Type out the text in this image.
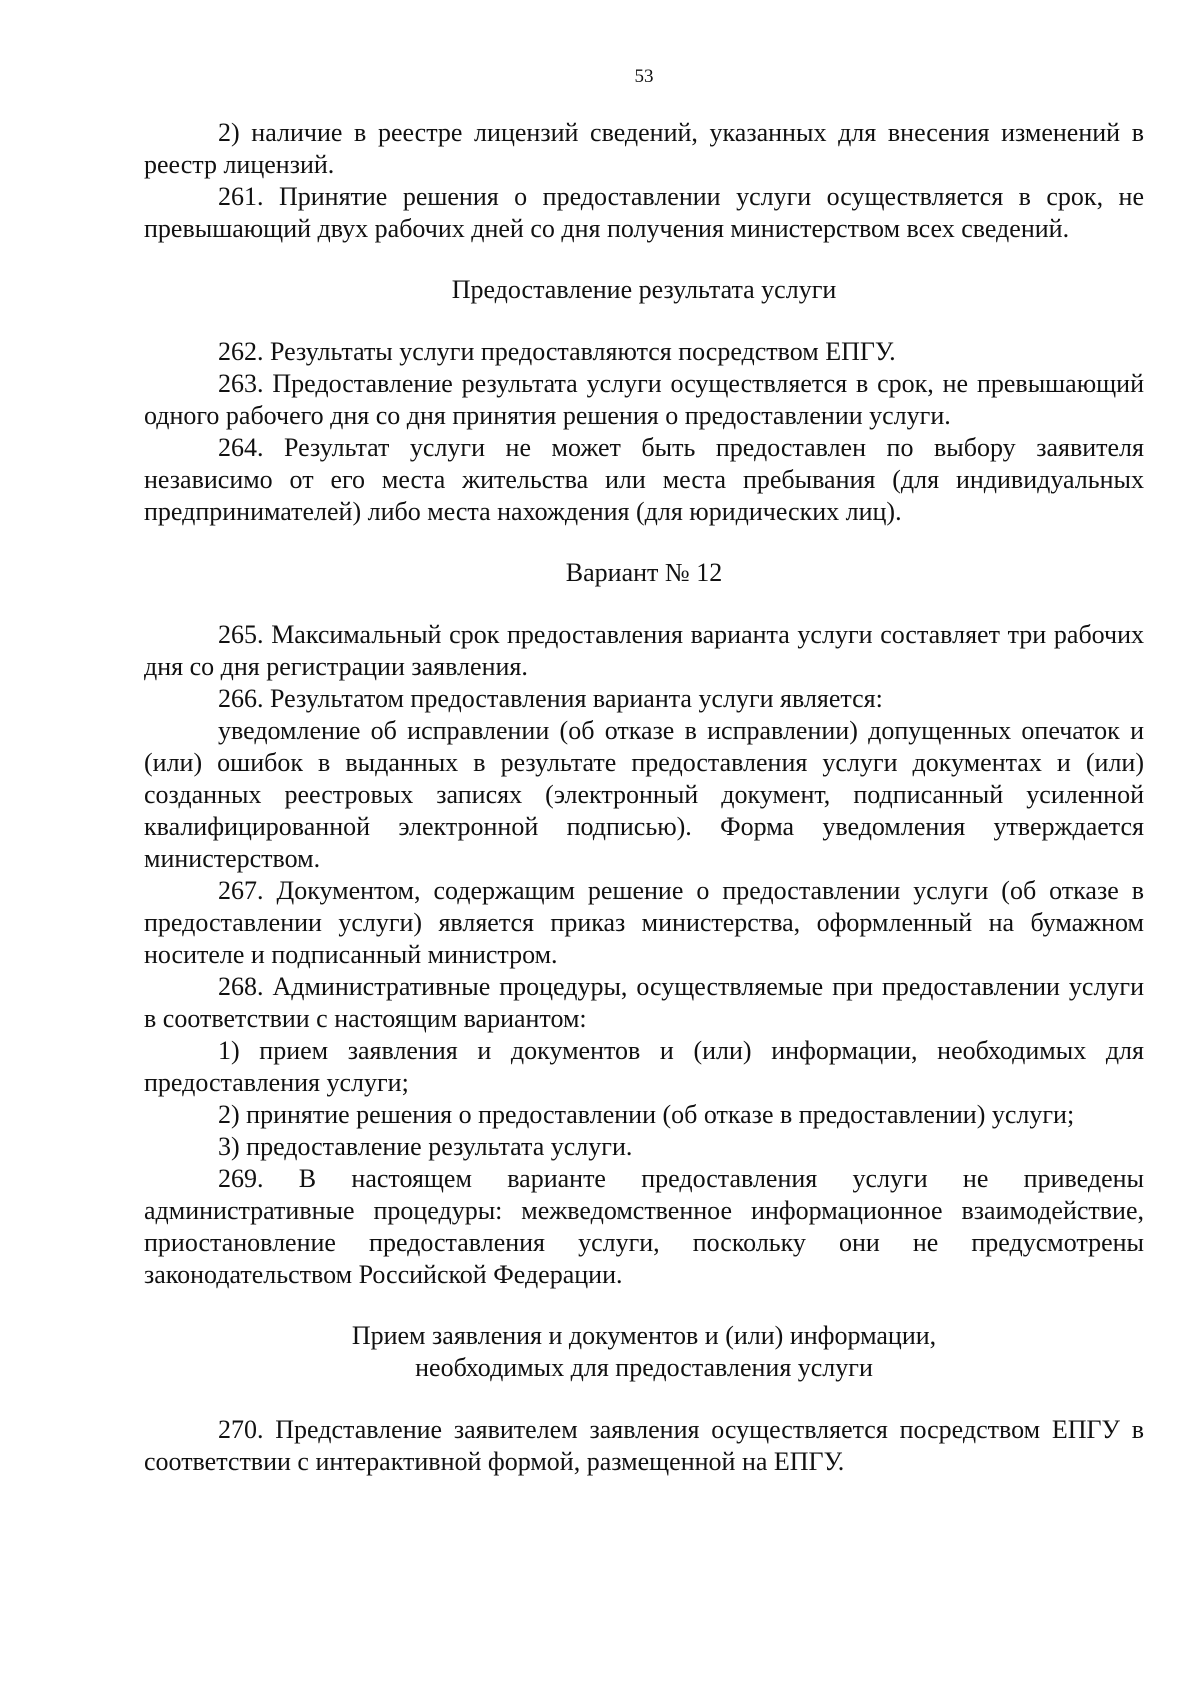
53

2) наличие в реестре лицензий сведений, указанных для внесения изменений в реестр лицензий.

261. Принятие решения о предоставлении услуги осуществляется в срок, не превышающий двух рабочих дней со дня получения министерством всех сведений.

Предоставление результата услуги

262. Результаты услуги предоставляются посредством ЕПГУ.

263. Предоставление результата услуги осуществляется в срок, не превышающий одного рабочего дня со дня принятия решения о предоставлении услуги.

264. Результат услуги не может быть предоставлен по выбору заявителя независимо от его места жительства или места пребывания (для индивидуальных предпринимателей) либо места нахождения (для юридических лиц).

Вариант № 12

265. Максимальный срок предоставления варианта услуги составляет три рабочих дня со дня регистрации заявления.

266. Результатом предоставления варианта услуги является:

уведомление об исправлении (об отказе в исправлении) допущенных опечаток и (или) ошибок в выданных в результате предоставления услуги документах и (или) созданных реестровых записях (электронный документ, подписанный усиленной квалифицированной электронной подписью). Форма уведомления утверждается министерством.

267. Документом, содержащим решение о предоставлении услуги (об отказе в предоставлении услуги) является приказ министерства, оформленный на бумажном носителе и подписанный министром.

268. Административные процедуры, осуществляемые при предоставлении услуги в соответствии с настоящим вариантом:

1) прием заявления и документов и (или) информации, необходимых для предоставления услуги;

2) принятие решения о предоставлении (об отказе в предоставлении) услуги;

3) предоставление результата услуги.

269. В настоящем варианте предоставления услуги не приведены административные процедуры: межведомственное информационное взаимодействие, приостановление предоставления услуги, поскольку они не предусмотрены законодательством Российской Федерации.

Прием заявления и документов и (или) информации,
необходимых для предоставления услуги

270. Представление заявителем заявления осуществляется посредством ЕПГУ в соответствии с интерактивной формой, размещенной на ЕПГУ.
